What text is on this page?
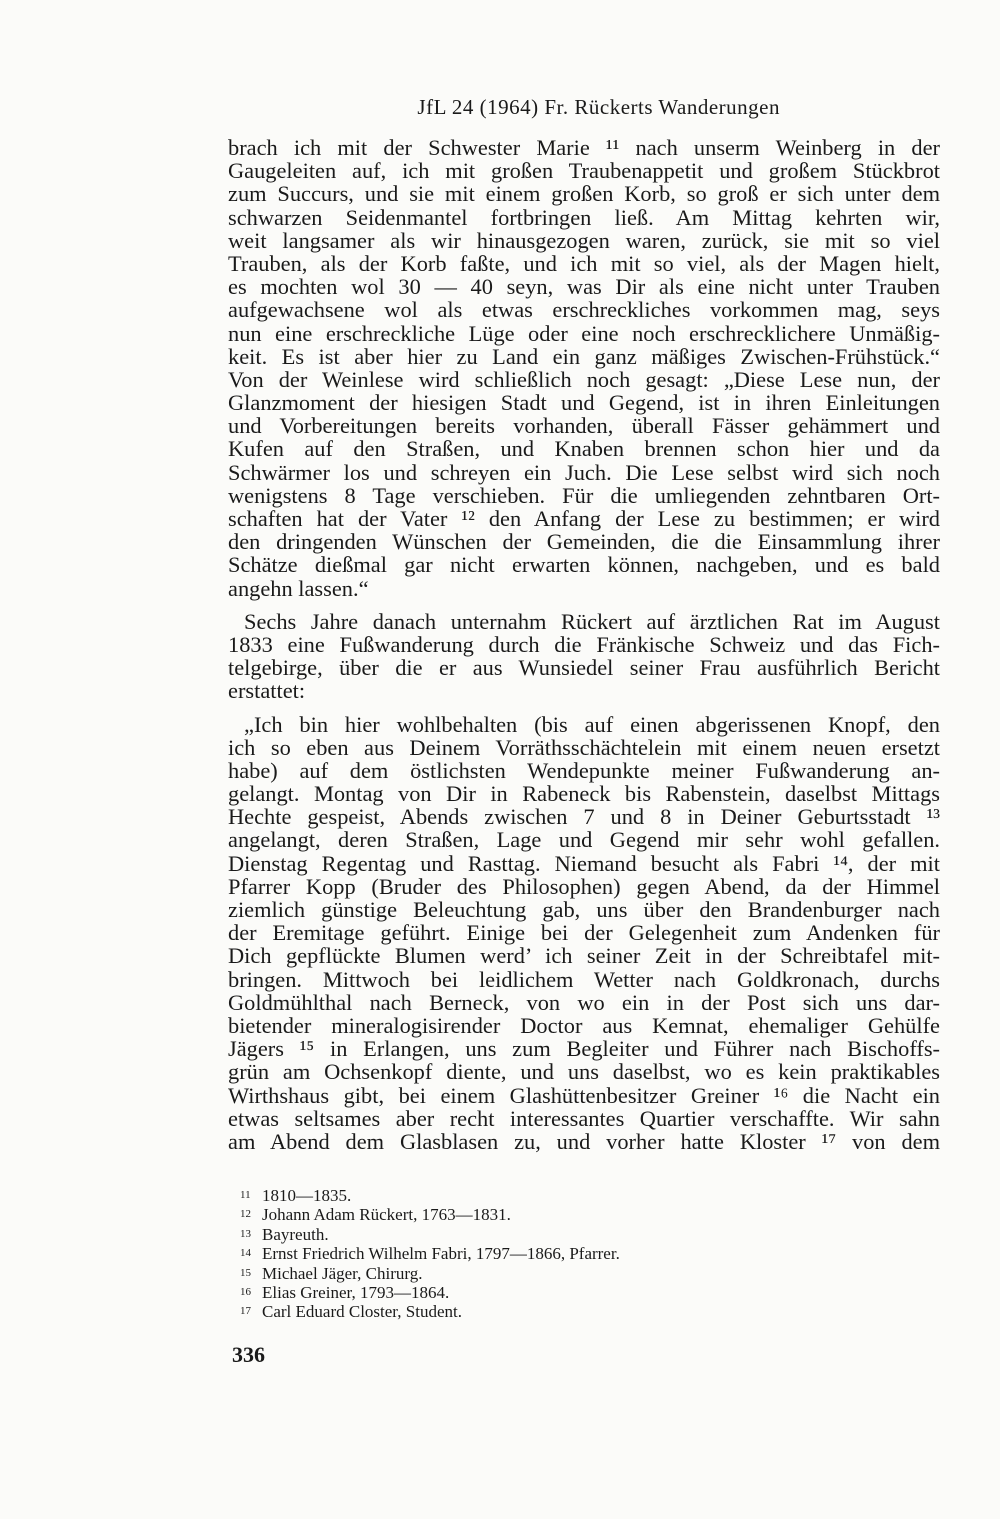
JfL 24 (1964) Fr. Rückerts Wanderungen
brach ich mit der Schwester Marie ¹¹ nach unserm Weinberg in der
Gaugeleiten auf, ich mit großen Traubenappetit und großem Stückbrot
zum Succurs, und sie mit einem großen Korb, so groß er sich unter dem
schwarzen Seidenmantel fortbringen ließ. Am Mittag kehrten wir,
weit langsamer als wir hinausgezogen waren, zurück, sie mit so viel
Trauben, als der Korb faßte, und ich mit so viel, als der Magen hielt,
es mochten wol 30 — 40 seyn, was Dir als eine nicht unter Trauben
aufgewachsene wol als etwas erschreckliches vorkommen mag, seys
nun eine erschreckliche Lüge oder eine noch erschrecklichere Unmäßig-
keit. Es ist aber hier zu Land ein ganz mäßiges Zwischen-Frühstück.“
Von der Weinlese wird schließlich noch gesagt: „Diese Lese nun, der
Glanzmoment der hiesigen Stadt und Gegend, ist in ihren Einleitungen
und Vorbereitungen bereits vorhanden, überall Fässer gehämmert und
Kufen auf den Straßen, und Knaben brennen schon hier und da
Schwärmer los und schreyen ein Juch. Die Lese selbst wird sich noch
wenigstens 8 Tage verschieben. Für die umliegenden zehntbaren Ort-
schaften hat der Vater ¹² den Anfang der Lese zu bestimmen; er wird
den dringenden Wünschen der Gemeinden, die die Einsammlung ihrer
Schätze dießmal gar nicht erwarten können, nachgeben, und es bald
angehn lassen.“
Sechs Jahre danach unternahm Rückert auf ärztlichen Rat im August
1833 eine Fußwanderung durch die Fränkische Schweiz und das Fich-
telgebirge, über die er aus Wunsiedel seiner Frau ausführlich Bericht
erstattet:
„Ich bin hier wohlbehalten (bis auf einen abgerissenen Knopf, den
ich so eben aus Deinem Vorräthsschächtelein mit einem neuen ersetzt
habe) auf dem östlichsten Wendepunkte meiner Fußwanderung an-
gelangt. Montag von Dir in Rabeneck bis Rabenstein, daselbst Mittags
Hechte gespeist, Abends zwischen 7 und 8 in Deiner Geburtsstadt ¹³
angelangt, deren Straßen, Lage und Gegend mir sehr wohl gefallen.
Dienstag Regentag und Rasttag. Niemand besucht als Fabri ¹⁴, der mit
Pfarrer Kopp (Bruder des Philosophen) gegen Abend, da der Himmel
ziemlich günstige Beleuchtung gab, uns über den Brandenburger nach
der Eremitage geführt. Einige bei der Gelegenheit zum Andenken für
Dich gepflückte Blumen werd’ ich seiner Zeit in der Schreibtafel mit-
bringen. Mittwoch bei leidlichem Wetter nach Goldkronach, durchs
Goldmühlthal nach Berneck, von wo ein in der Post sich uns dar-
bietender mineralogisirender Doctor aus Kemnat, ehemaliger Gehülfe
Jägers ¹⁵ in Erlangen, uns zum Begleiter und Führer nach Bischoffs-
grün am Ochsenkopf diente, und uns daselbst, wo es kein praktikables
Wirthshaus gibt, bei einem Glashüttenbesitzer Greiner ¹⁶ die Nacht ein
etwas seltsames aber recht interessantes Quartier verschaffte. Wir sahn
am Abend dem Glasblasen zu, und vorher hatte Kloster ¹⁷ von dem
11 1810—1835.
12 Johann Adam Rückert, 1763—1831.
13 Bayreuth.
14 Ernst Friedrich Wilhelm Fabri, 1797—1866, Pfarrer.
15 Michael Jäger, Chirurg.
16 Elias Greiner, 1793—1864.
17 Carl Eduard Closter, Student.
336
